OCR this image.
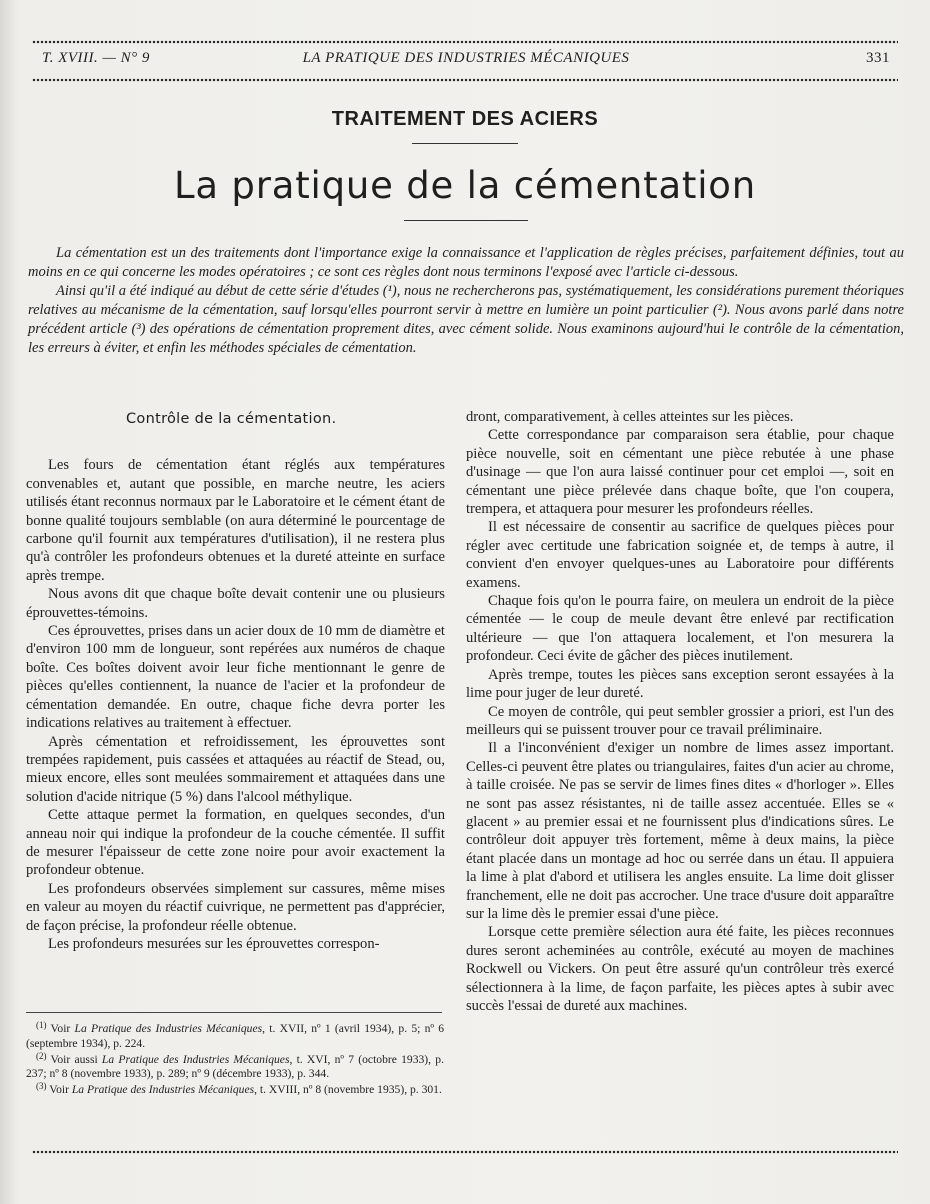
T. XVIII. — N° 9	LA PRATIQUE DES INDUSTRIES MÉCANIQUES	331
TRAITEMENT DES ACIERS
La pratique de la cémentation

La cémentation est un des traitements dont l'importance exige la connaissance et l'application de règles précises, parfaitement définies, tout au moins en ce qui concerne les modes opératoires ; ce sont ces règles dont nous terminons l'exposé avec l'article ci-dessous.

Ainsi qu'il a été indiqué au début de cette série d'études (¹), nous ne rechercherons pas, systématiquement, les considérations purement théoriques relatives au mécanisme de la cémentation, sauf lorsqu'elles pourront servir à mettre en lumière un point particulier (²). Nous avons parlé dans notre précédent article (³) des opérations de cémentation proprement dites, avec cément solide. Nous examinons aujourd'hui le contrôle de la cémentation, les erreurs à éviter, et enfin les méthodes spéciales de cémentation.

Contrôle de la cémentation.

Les fours de cémentation étant réglés aux températures convenables et, autant que possible, en marche neutre, les aciers utilisés étant reconnus normaux par le Laboratoire et le cément étant de bonne qualité toujours semblable (on aura déterminé le pourcentage de carbone qu'il fournit aux températures d'utilisation), il ne restera plus qu'à contrôler les profondeurs obtenues et la dureté atteinte en surface après trempe.

Nous avons dit que chaque boîte devait contenir une ou plusieurs éprouvettes-témoins.

Ces éprouvettes, prises dans un acier doux de 10 mm de diamètre et d'environ 100 mm de longueur, sont repérées aux numéros de chaque boîte. Ces boîtes doivent avoir leur fiche mentionnant le genre de pièces qu'elles contiennent, la nuance de l'acier et la profondeur de cémentation demandée. En outre, chaque fiche devra porter les indications relatives au traitement à effectuer.

Après cémentation et refroidissement, les éprouvettes sont trempées rapidement, puis cassées et attaquées au réactif de Stead, ou, mieux encore, elles sont meulées sommairement et attaquées dans une solution d'acide nitrique (5 %) dans l'alcool méthylique.

Cette attaque permet la formation, en quelques secondes, d'un anneau noir qui indique la profondeur de la couche cémentée. Il suffit de mesurer l'épaisseur de cette zone noire pour avoir exactement la profondeur obtenue.

Les profondeurs observées simplement sur cassures, même mises en valeur au moyen du réactif cuivrique, ne permettent pas d'apprécier, de façon précise, la profondeur réelle obtenue.

Les profondeurs mesurées sur les éprouvettes correspon-

$^{(1)}$ Voir La Pratique des Industries Mécaniques, t. XVII, nº 1 (avril 1934), p. 5; nº 6 (septembre 1934), p. 224.

$^{(2)}$ Voir aussi La Pratique des Industries Mécaniques, t. XVI, nº 7 (octobre 1933), p. 237; nº 8 (novembre 1933), p. 289; nº 9 (décembre 1933), p. 344.

$^{(3)}$ Voir La Pratique des Industries Mécaniques, t. XVIII, nº 8 (novembre 1935), p. 301.

dront, comparativement, à celles atteintes sur les pièces.

Cette correspondance par comparaison sera établie, pour chaque pièce nouvelle, soit en cémentant une pièce rebutée à une phase d'usinage — que l'on aura laissé continuer pour cet emploi —, soit en cémentant une pièce prélevée dans chaque boîte, que l'on coupera, trempera, et attaquera pour mesurer les profondeurs réelles.

Il est nécessaire de consentir au sacrifice de quelques pièces pour régler avec certitude une fabrication soignée et, de temps à autre, il convient d'en envoyer quelques-unes au Laboratoire pour différents examens.

Chaque fois qu'on le pourra faire, on meulera un endroit de la pièce cémentée — le coup de meule devant être enlevé par rectification ultérieure — que l'on attaquera localement, et l'on mesurera la profondeur. Ceci évite de gâcher des pièces inutilement.

Après trempe, toutes les pièces sans exception seront essayées à la lime pour juger de leur dureté.

Ce moyen de contrôle, qui peut sembler grossier a priori, est l'un des meilleurs qui se puissent trouver pour ce travail préliminaire.

Il a l'inconvénient d'exiger un nombre de limes assez important. Celles-ci peuvent être plates ou triangulaires, faites d'un acier au chrome, à taille croisée. Ne pas se servir de limes fines dites « d'horloger ». Elles ne sont pas assez résistantes, ni de taille assez accentuée. Elles se « glacent » au premier essai et ne fournissent plus d'indications sûres. Le contrôleur doit appuyer très fortement, même à deux mains, la pièce étant placée dans un montage ad hoc ou serrée dans un étau. Il appuiera la lime à plat d'abord et utilisera les angles ensuite. La lime doit glisser franchement, elle ne doit pas accrocher. Une trace d'usure doit apparaître sur la lime dès le premier essai d'une pièce.

Lorsque cette première sélection aura été faite, les pièces reconnues dures seront acheminées au contrôle, exécuté au moyen de machines Rockwell ou Vickers. On peut être assuré qu'un contrôleur très exercé sélectionnera à la lime, de façon parfaite, les pièces aptes à subir avec succès l'essai de dureté aux machines.
